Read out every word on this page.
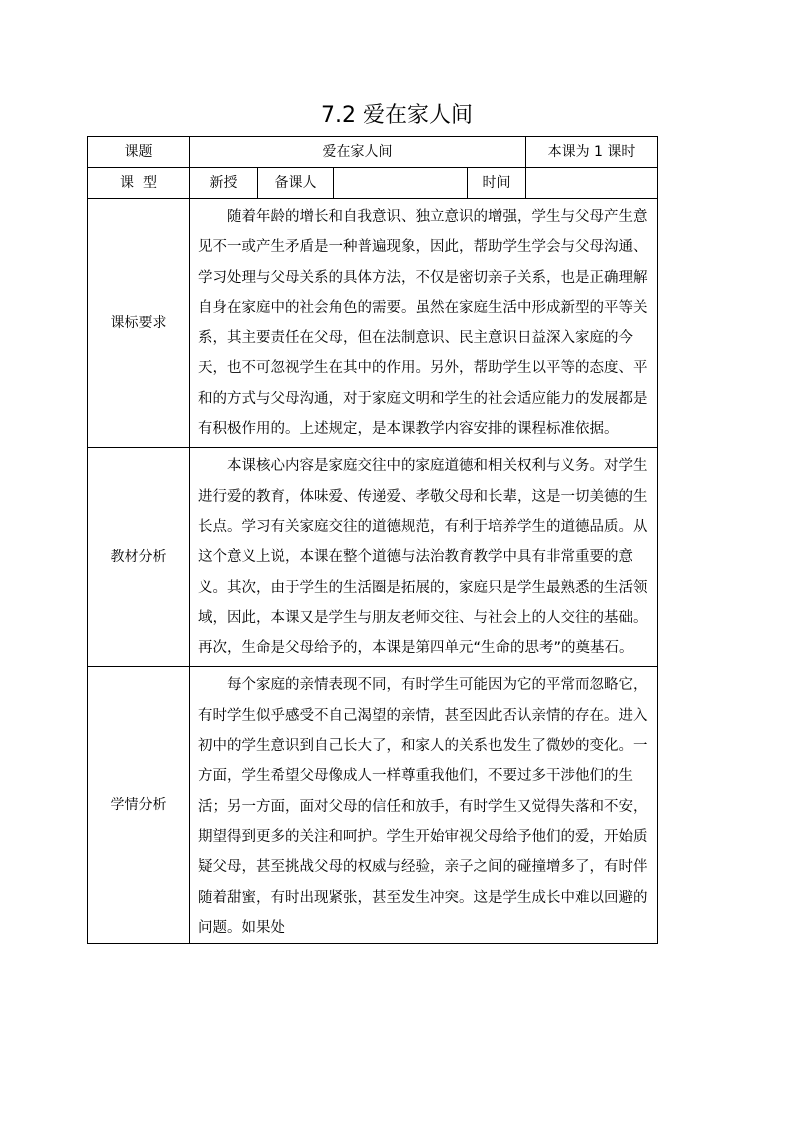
7.2 爱在家人间
课题	爱在家人间				本课为 1 课时
课  型	新授	备课人		时间	
课标要求	随着年龄的增长和自我意识、独立意识的增强，学生与父母产生意见不一或产生矛盾是一种普遍现象，因此，帮助学生学会与父母沟通、学习处理与父母关系的具体方法，不仅是密切亲子关系，也是正确理解自身在家庭中的社会角色的需要。虽然在家庭生活中形成新型的平等关系，其主要责任在父母，但在法制意识、民主意识日益深入家庭的今天，也不可忽视学生在其中的作用。另外，帮助学生以平等的态度、平和的方式与父母沟通，对于家庭文明和学生的社会适应能力的发展都是有积极作用的。上述规定，是本课教学内容安排的课程标准依据。				
教材分析	本课核心内容是家庭交往中的家庭道德和相关权利与义务。对学生进行爱的教育，体味爱、传递爱、孝敬父母和长辈，这是一切美德的生长点。学习有关家庭交往的道德规范，有利于培养学生的道德品质。从这个意义上说，本课在整个道德与法治教育教学中具有非常重要的意义。其次，由于学生的生活圈是拓展的，家庭只是学生最熟悉的生活领域，因此，本课又是学生与朋友老师交往、与社会上的人交往的基础。再次，生命是父母给予的，本课是第四单元“生命的思考”的奠基石。				
学情分析	每个家庭的亲情表现不同，有时学生可能因为它的平常而忽略它，有时学生似乎感受不自己渴望的亲情，甚至因此否认亲情的存在。进入初中的学生意识到自己长大了，和家人的关系也发生了微妙的变化。一方面，学生希望父母像成人一样尊重我他们，不要过多干涉他们的生活；另一方面，面对父母的信任和放手，有时学生又觉得失落和不安，期望得到更多的关注和呵护。学生开始审视父母给予他们的爱，开始质疑父母，甚至挑战父母的权威与经验，亲子之间的碰撞增多了，有时伴随着甜蜜，有时出现紧张，甚至发生冲突。这是学生成长中难以回避的问题。如果处				
